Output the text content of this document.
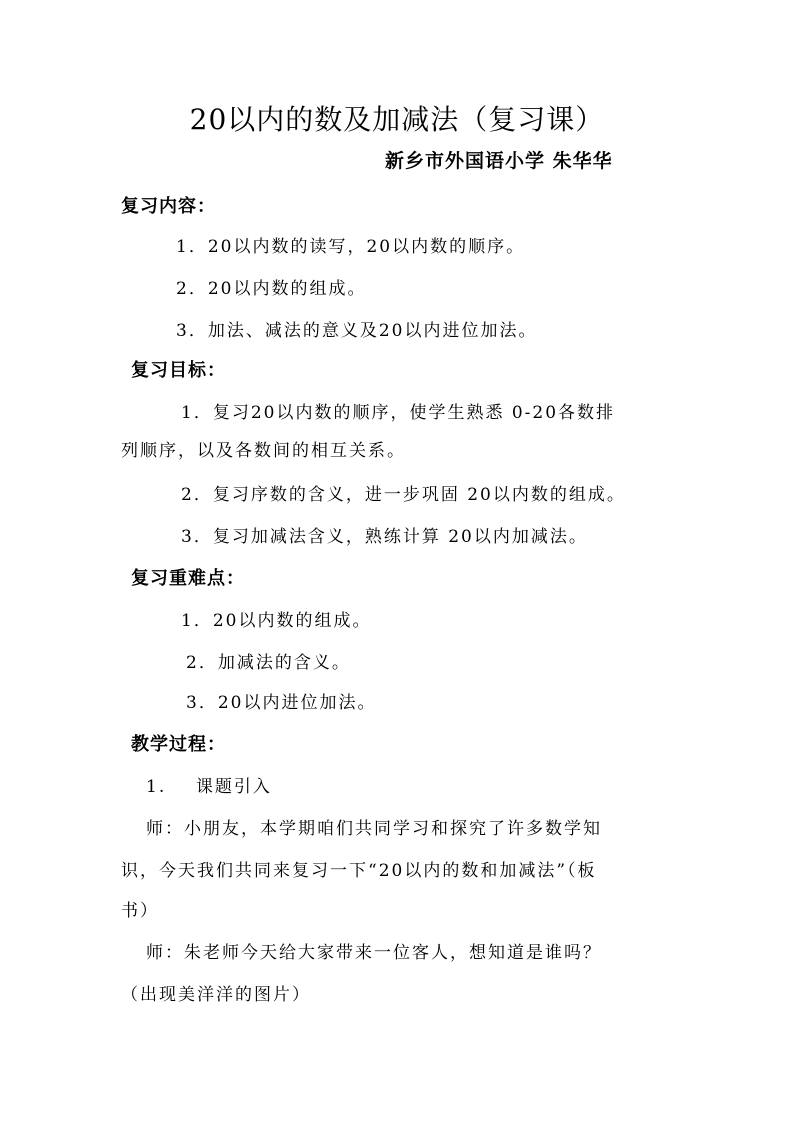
20以内的数及加减法（复习课）
新乡市外国语小学 朱华华
复习内容：
1．20以内数的读写，20以内数的顺序。
2．20以内数的组成。
3．加法、减法的意义及20以内进位加法。
复习目标：
1．复习20以内数的顺序，使学生熟悉 0-20各数排
列顺序，以及各数间的相互关系。
2．复习序数的含义，进一步巩固 20以内数的组成。
3．复习加减法含义，熟练计算 20以内加减法。
复习重难点：
1．20以内数的组成。
2．加减法的含义。
3．20以内进位加法。
教学过程：
1.    课题引入
师：小朋友，本学期咱们共同学习和探究了许多数学知
识，今天我们共同来复习一下“20以内的数和加减法”（板
书）
师：朱老师今天给大家带来一位客人，想知道是谁吗？
（出现美洋洋的图片）
